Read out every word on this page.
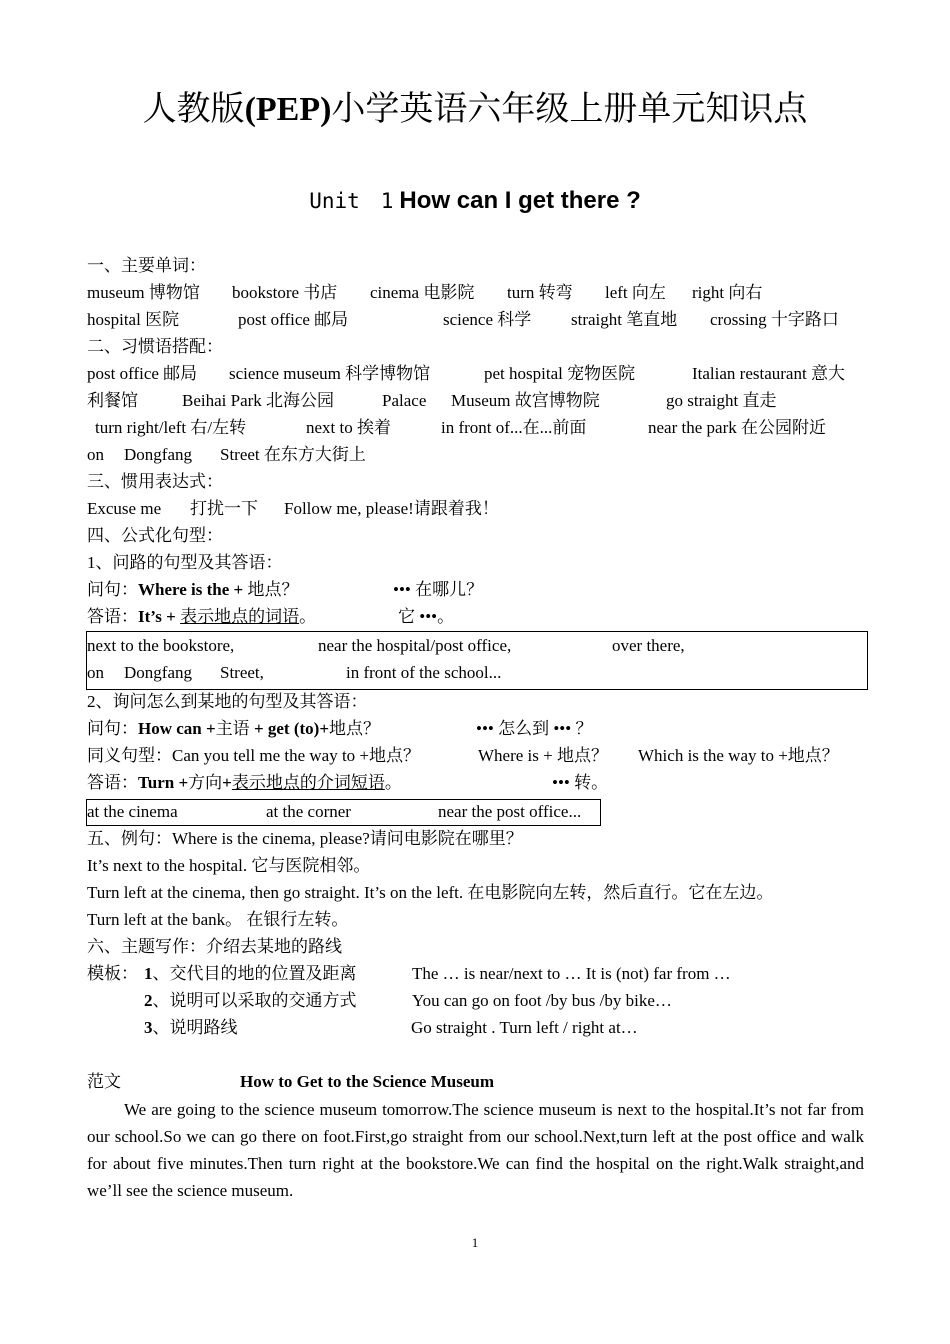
人教版(PEP)小学英语六年级上册单元知识点
Unit　1 How can I get there ?
一、主要单词：
museum 博物馆 bookstore 书店 cinema 电影院 turn 转弯 left 向左 right 向右
hospital 医院	post office 邮局	science 科学 straight 笔直地 crossing 十字路口
二、习惯语搭配：
post office 邮局 science museum 科学博物馆	pet hospital 宠物医院	Italian restaurant 意大
利餐馆	Beihai Park 北海公园	Palace Museum 故宫博物院	go straight 直走
turn right/left 右/左转	next to 挨着	in front of...在...前面	near the park 在公园附近
on Dongfang Street 在东方大街上
三、惯用表达式：
Excuse me 打扰一下 Follow me, please!请跟着我！
四、公式化句型：
1、问路的句型及其答语：
问句：Where is the + 地点？	••• 在哪儿？
答语：It’s + 表示地点的词语。	它 •••。
next to the bookstore,	near the hospital/post office,	over there,
on Dongfang Street,	in front of the school...
2、询问怎么到某地的句型及其答语：
问句：How can +主语 + get (to)+地点？	••• 怎么到 ••• ？
同义句型：Can you tell me the way to +地点？	Where is + 地点？ Which is the way to +地点？
答语：Turn +方向+表示地点的介词短语。	••• 转。
at the cinema	at the corner	near the post office...
五、例句：Where is the cinema, please?请问电影院在哪里？
It’s next to the hospital. 它与医院相邻。
Turn left at the cinema, then go straight. It’s on the left. 在电影院向左转，然后直行。它在左边。
Turn left at the bank。 在银行左转。
六、主题写作：介绍去某地的路线
模板： 1、交代目的地的位置及距离	The … is near/next to … It is (not) far from …
2、说明可以采取的交通方式	You can go on foot /by bus /by bike…
3、说明路线	Go straight . Turn left / right at…
范文	How to Get to the Science Museum
We are going to the science museum tomorrow.The science museum is next to the hospital.It’s not far from our school.So we can go there on foot.First,go straight from our school.Next,turn left at the post office and walk for about five minutes.Then turn right at the bookstore.We can find the hospital on the right.Walk straight,and we’ll see the science museum.
1
